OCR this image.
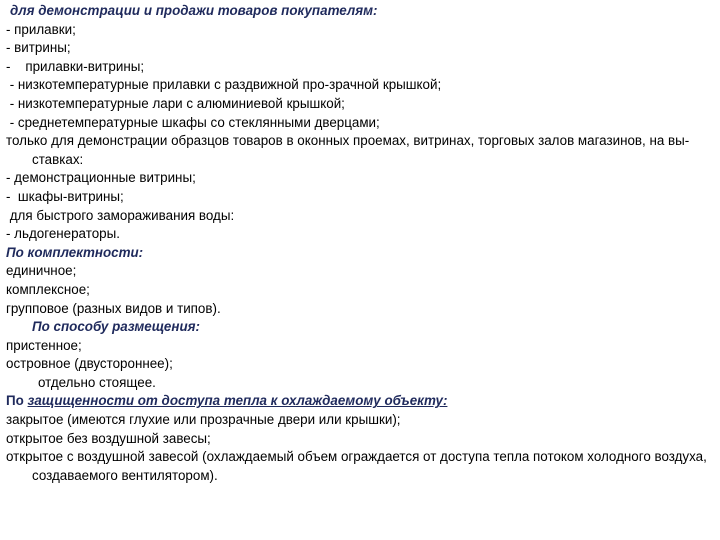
для демонстрации и продажи товаров покупателям:
- прилавки;
- витрины;
-    прилавки-витрины;
- низкотемпературные прилавки с раздвижной про-зрачной крышкой;
- низкотемпературные лари с алюминиевой крышкой;
- среднетемпературные шкафы со стеклянными дверцами;
только для демонстрации образцов товаров в оконных проемах, витринах, торговых залов магазинов, на вы-ставках:
- демонстрационные витрины;
-  шкафы-витрины;
для быстрого замораживания воды:
- льдогенераторы.
По комплектности:
единичное;
комплексное;
групповое (разных видов и типов).
По способу размещения:
пристенное;
островное (двустороннее);
отдельно стоящее.
По защищенности от доступа тепла к охлаждаемому объекту:
закрытое (имеются глухие или прозрачные двери или крышки);
открытое без воздушной завесы;
открытое с воздушной завесой (охлаждаемый объем ограждается от доступа тепла потоком холодного воздуха, создаваемого вентилятором).
